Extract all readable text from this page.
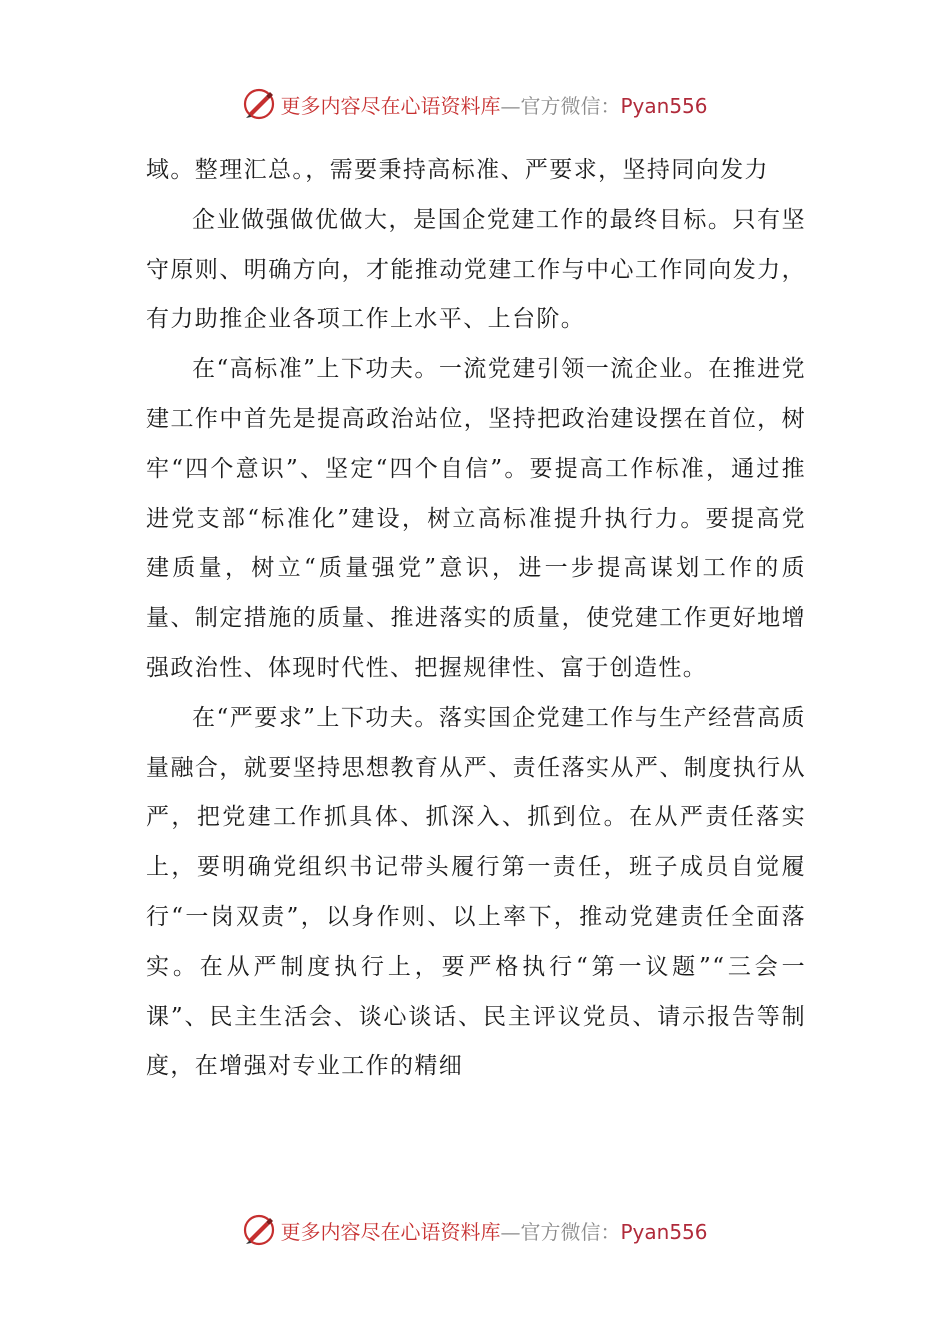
更多内容尽在心语资料库—官方微信：Pyan556

域。整理汇总。，需要秉持高标准、严要求，坚持同向发力

企业做强做优做大，是国企党建工作的最终目标。只有坚守原则、明确方向，才能推动党建工作与中心工作同向发力，有力助推企业各项工作上水平、上台阶。

在“高标准”上下功夫。一流党建引领一流企业。在推进党建工作中首先是提高政治站位，坚持把政治建设摆在首位，树牢“四个意识”、坚定“四个自信”。要提高工作标准，通过推进党支部“标准化”建设，树立高标准提升执行力。要提高党建质量，树立“质量强党”意识，进一步提高谋划工作的质量、制定措施的质量、推进落实的质量，使党建工作更好地增强政治性、体现时代性、把握规律性、富于创造性。

在“严要求”上下功夫。落实国企党建工作与生产经营高质量融合，就要坚持思想教育从严、责任落实从严、制度执行从严，把党建工作抓具体、抓深入、抓到位。在从严责任落实上，要明确党组织书记带头履行第一责任，班子成员自觉履行“一岗双责”，以身作则、以上率下，推动党建责任全面落实。在从严制度执行上，要严格执行“第一议题”“三会一课”、民主生活会、谈心谈话、民主评议党员、请示报告等制度，在增强对专业工作的精细

更多内容尽在心语资料库—官方微信：Pyan556
